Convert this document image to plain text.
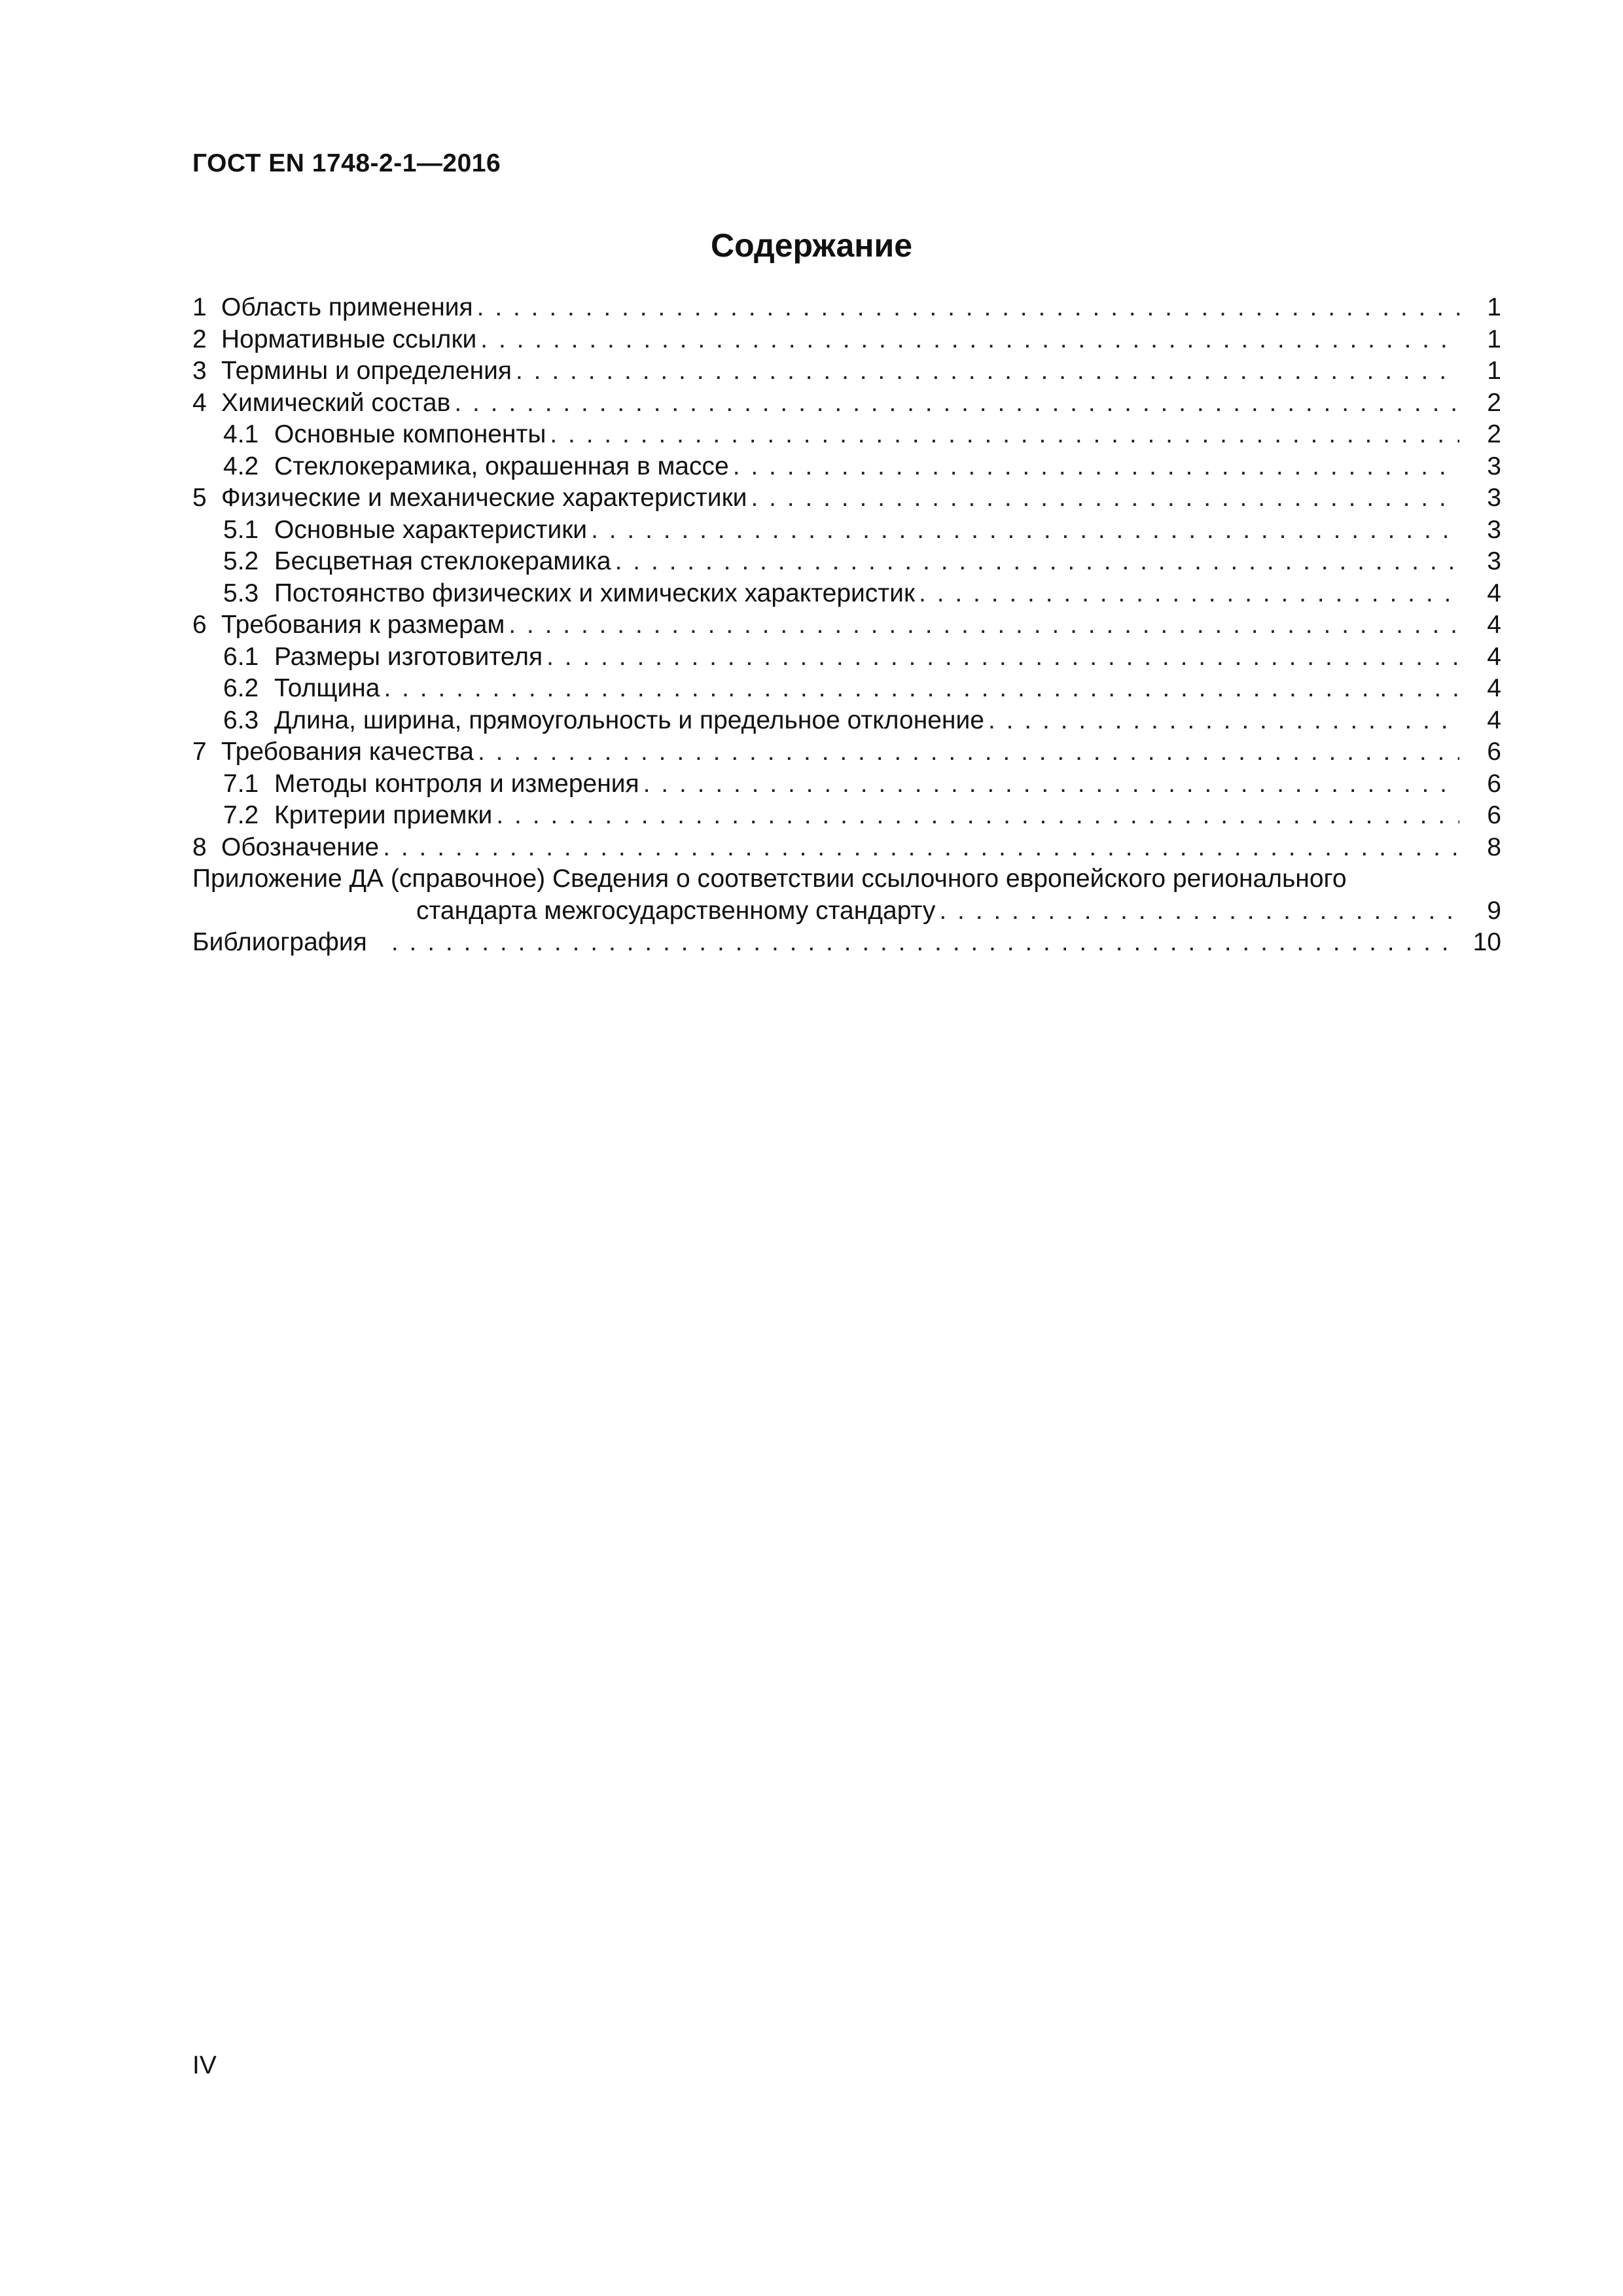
ГОСТ EN 1748-2-1—2016
Содержание
1 Область применения . . .	1
2 Нормативные ссылки . . .	1
3 Термины и определения . . .	1
4 Химический состав . . .	2
4.1 Основные компоненты . . .	2
4.2 Стеклокерамика, окрашенная в массе . . .	3
5 Физические и механические характеристики . . .	3
5.1 Основные характеристики . . .	3
5.2 Бесцветная стеклокерамика . . .	3
5.3 Постоянство физических и химических характеристик . . .	4
6 Требования к размерам . . .	4
6.1 Размеры изготовителя . . .	4
6.2 Толщина . . .	4
6.3 Длина, ширина, прямоугольность и предельное отклонение . . .	4
7 Требования качества . . .	6
7.1 Методы контроля и измерения . . .	6
7.2 Критерии приемки . . .	6
8 Обозначение . . .	8
Приложение ДА (справочное) Сведения о соответствии ссылочного европейского регионального
стандарта межгосударственному стандарту . . .	9
Библиография . . .	10
IV
